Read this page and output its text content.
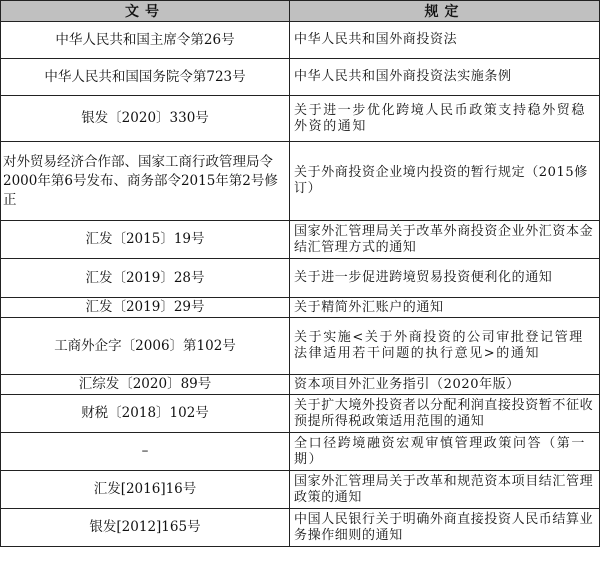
文号	规定
中华人民共和国主席令第26号	中华人民共和国外商投资法
中华人民共和国国务院令第723号	中华人民共和国外商投资法实施条例
银发〔2020〕330号	关于进一步优化跨境人民币政策支持稳外贸稳外资的通知
对外贸易经济合作部、国家工商行政管理局令2000年第6号发布、商务部令2015年第2号修正	关于外商投资企业境内投资的暂行规定（2015修订）
汇发〔2015〕19号	国家外汇管理局关于改革外商投资企业外汇资本金结汇管理方式的通知
汇发〔2019〕28号	关于进一步促进跨境贸易投资便利化的通知
汇发〔2019〕29号	关于精简外汇账户的通知
工商外企字〔2006〕第102号	关于实施<关于外商投资的公司审批登记管理法律适用若干问题的执行意见>的通知
汇综发〔2020〕89号	资本项目外汇业务指引（2020年版）
财税〔2018〕102号	关于扩大境外投资者以分配利润直接投资暂不征收预提所得税政策适用范围的通知
–	全口径跨境融资宏观审慎管理政策问答（第一期）
汇发[2016]16号	国家外汇管理局关于改革和规范资本项目结汇管理政策的通知
银发[2012]165号	中国人民银行关于明确外商直接投资人民币结算业务操作细则的通知
